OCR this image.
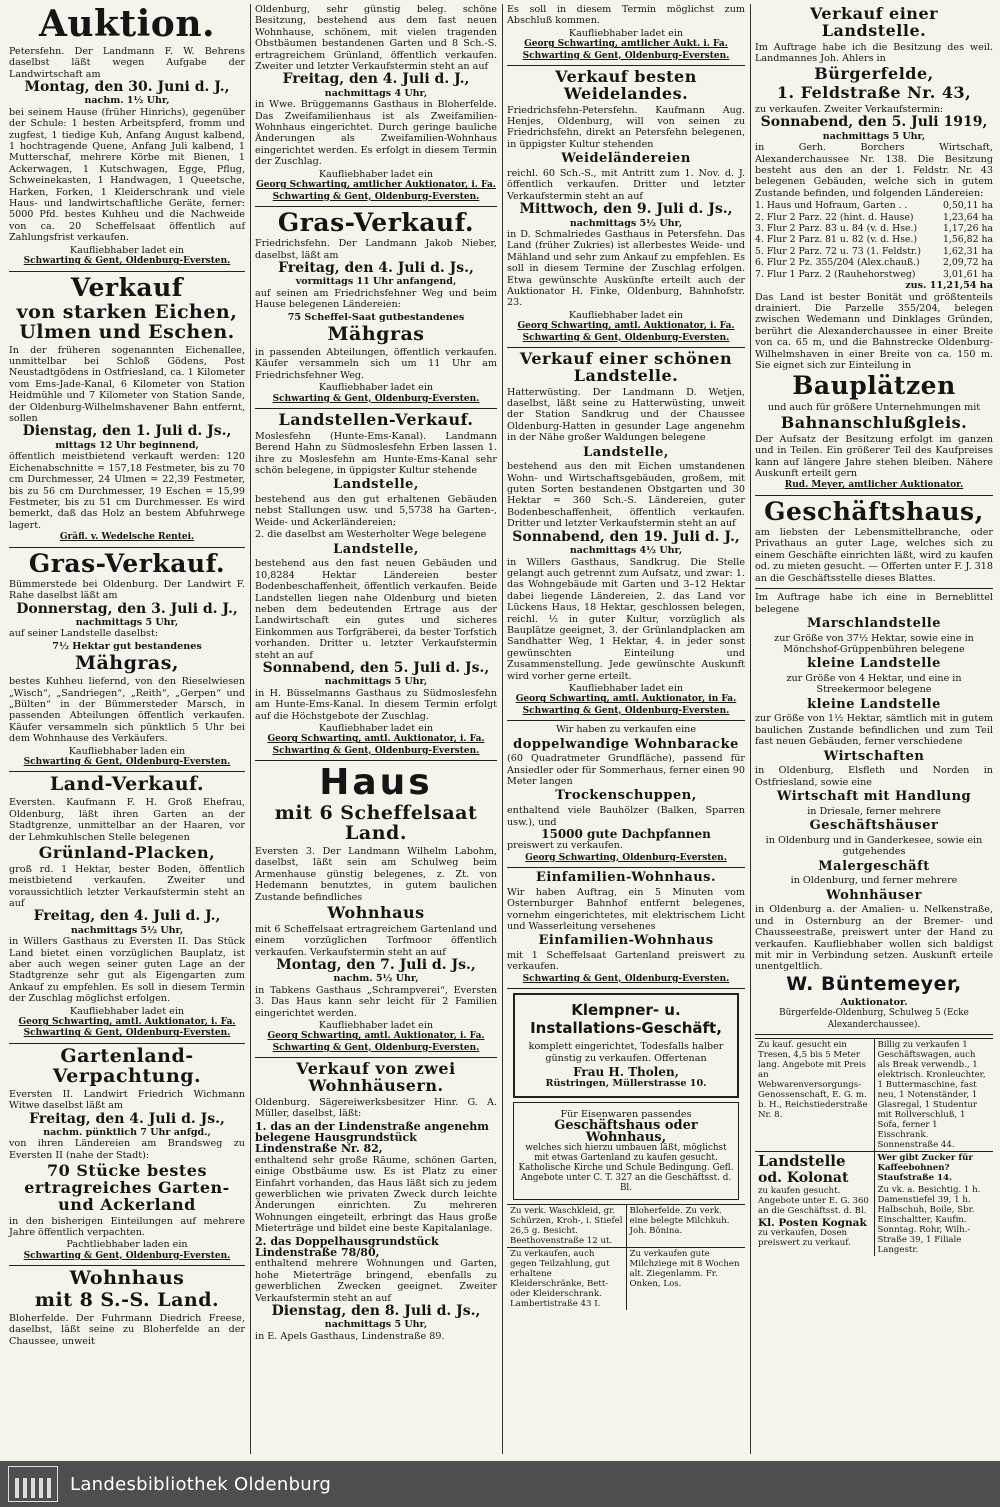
Auktion.

Petersfehn. Der Landmann F. W. Behrens daselbst läßt wegen Aufgabe der Landwirtschaft am

Montag, den 30. Juni d. J.,
nachm. 1½ Uhr,

bei seinem Hause (früher Hinrichs), gegenüber der Schule: 1 besten Arbeitspferd, fromm und zugfest, 1 tiedige Kuh, Anfang August kalbend, 1 hochtragende Quene, Anfang Juli kalbend, 1 Mutterschaf, mehrere Körbe mit Bienen, 1 Ackerwagen, 1 Kutschwagen, Egge, Pflug, Schweinekasten, 1 Handwagen, 1 Queetsche, Harken, Forken, 1 Kleiderschrank und viele Haus- und landwirtschaftliche Geräte, ferner: 5000 Pfd. bestes Kuhheu und die Nachweide von ca. 20 Scheffelsaat öffentlich auf Zahlungsfrist verkaufen.

Kaufliebhaber ladet ein
Schwarting & Gent, Oldenburg-Eversten.
Verkauf
von starken Eichen, Ulmen und Eschen.

In der früheren sogenannten Eichenallee, unmittelbar bei Schloß Gödens, Post Neustadtgödens in Ostfriesland, ca. 1 Kilometer vom Ems-Jade-Kanal, 6 Kilometer von Station Heidmühle und 7 Kilometer von Station Sande, der Oldenburg-Wilhelmshavener Bahn entfernt, sollen

Dienstag, den 1. Juli d. Js.,
mittags 12 Uhr beginnend,

öffentlich meistbietend verkauft werden: 120 Eichenabschnitte = 157,18 Festmeter, bis zu 70 cm Durchmesser, 24 Ulmen = 22,39 Festmeter, bis zu 56 cm Durchmesser, 19 Eschen = 15,99 Festmeter, bis zu 51 cm Durchmesser. Es wird bemerkt, daß das Holz an bestem Abfuhrwege lagert.

Gräfl. v. Wedelsche Rentei.
Gras-Verkauf.

Bümmerstede bei Oldenburg. Der Landwirt F. Rahe daselbst läßt am

Donnerstag, den 3. Juli d. J.,
nachmittags 5 Uhr,

auf seiner Landstelle daselbst:

7½ Hektar gut bestandenes
Mähgras,

bestes Kuhheu liefernd, von den Rieselwiesen „Wisch“, „Sandriegen“, „Reith“, „Gerpen“ und „Bülten“ in der Bümmersteder Marsch, in passenden Abteilungen öffentlich verkaufen. Käufer versammeln sich pünktlich 5 Uhr bei dem Wohnhause des Verkäufers.

Kaufliebhaber laden ein
Schwarting & Gent, Oldenburg-Eversten.
Land-Verkauf.

Eversten. Kaufmann F. H. Groß Ehefrau, Oldenburg, läßt ihren Garten an der Stadtgrenze, unmittelbar an der Haaren, vor der Lehmkuhlschen Stelle belegenen

Grünland-Placken,

groß rd. 1 Hektar, bester Boden, öffentlich meistbietend verkaufen. Zweiter und voraussichtlich letzter Verkaufstermin steht an auf

Freitag, den 4. Juli d. J.,
nachmittags 5½ Uhr,

in Willers Gasthaus zu Eversten II. Das Stück Land bietet einen vorzüglichen Bauplatz, ist aber auch wegen seiner guten Lage an der Stadtgrenze sehr gut als Eigengarten zum Ankauf zu empfehlen. Es soll in diesem Termin der Zuschlag möglichst erfolgen.

Kaufliebhaber ladet ein
Georg Schwarting, amtl. Auktionator, i. Fa. Schwarting & Gent, Oldenburg-Eversten.
Gartenland-Verpachtung.

Eversten II. Landwirt Friedrich Wichmann Witwe daselbst läßt am

Freitag, den 4. Juli d. Js.,
nachm. pünktlich 7 Uhr anfgd.,

von ihren Ländereien am Brandsweg zu Eversten II (nahe der Stadt):

70 Stücke bestes ertragreiches Garten- und Ackerland

in den bisherigen Einteilungen auf mehrere Jahre öffentlich verpachten.

Pachtliebhaber laden ein
Schwarting & Gent, Oldenburg-Eversten.
Wohnhaus
mit 8 S.-S. Land.

Bloherfelde. Der Fuhrmann Diedrich Freese, daselbst, läßt seine zu Bloherfelde an der Chaussee, unweit

Oldenburg, sehr günstig beleg. schöne Besitzung, bestehend aus dem fast neuen Wohnhause, schönem, mit vielen tragenden Obstbäumen bestandenen Garten und 8 Sch.-S. ertragreichem Grünland, öffentlich verkaufen. Zweiter und letzter Verkaufstermin steht an auf

Freitag, den 4. Juli d. J.,
nachmittags 4 Uhr,

in Wwe. Brüggemanns Gasthaus in Bloherfelde. Das Zweifamilienhaus ist als Zweifamilien-Wohnhaus eingerichtet. Durch geringe bauliche Änderungen als Zweifamilien-Wohnhaus eingerichtet werden. Es erfolgt in diesem Termin der Zuschlag.

Kaufliebhaber ladet ein
Georg Schwarting, amtlicher Auktionator, i. Fa. Schwarting & Gent, Oldenburg-Eversten.
Gras-Verkauf.

Friedrichsfehn. Der Landmann Jakob Nieber, daselbst, läßt am

Freitag, den 4. Juli d. Js.,
vormittags 11 Uhr anfangend,

auf seinen am Friedrichsfehner Weg und beim Hause belegenen Ländereien:

75 Scheffel-Saat gutbestandenes
Mähgras

in passenden Abteilungen, öffentlich verkaufen. Käufer versammeln sich um 11 Uhr am Friedrichsfehner Weg.

Kaufliebhaber ladet ein
Schwarting & Gent, Oldenburg-Eversten.
Landstellen-Verkauf.

Moslesfehn (Hunte-Ems-Kanal). Landmann Berend Hahn zu Südmoslesfehn Erben lassen 1. ihre zu Moslesfehn am Hunte-Ems-Kanal sehr schön belegene, in üppigster Kultur stehende

Landstelle,

bestehend aus den gut erhaltenen Gebäuden nebst Stallungen usw. und 5,5738 ha Garten-, Weide- und Ackerländereien;

2. die daselbst am Westerholter Wege belegene

Landstelle,

bestehend aus den fast neuen Gebäuden und 10,8284 Hektar Ländereien bester Bodenbeschaffenheit, öffentlich verkaufen. Beide Landstellen liegen nahe Oldenburg und bieten neben dem bedeutenden Ertrage aus der Landwirtschaft ein gutes und sicheres Einkommen aus Torfgräberei, da bester Torfstich vorhanden. Dritter u. letzter Verkaufstermin steht an auf

Sonnabend, den 5. Juli d. Js.,
nachmittags 5 Uhr,

in H. Büsselmanns Gasthaus zu Südmoslesfehn am Hunte-Ems-Kanal. In diesem Termin erfolgt auf die Höchstgebote der Zuschlag.

Kaufliebhaber ladet ein
Georg Schwarting, amtl. Auktionator, i. Fa. Schwarting & Gent, Oldenburg-Eversten.
Haus
mit 6 Scheffelsaat Land.

Eversten 3. Der Landmann Wilhelm Labohm, daselbst, läßt sein am Schulweg beim Armenhause günstig belegenes, z. Zt. von Hedemann benutztes, in gutem baulichen Zustande befindliches

Wohnhaus

mit 6 Scheffelsaat ertragreichem Gartenland und einem vorzüglichen Torfmoor öffentlich verkaufen. Verkaufstermin steht an auf

Montag, den 7. Juli d. Js.,
nachm. 5½ Uhr,

in Tabkens Gasthaus „Schrampverei“, Eversten 3. Das Haus kann sehr leicht für 2 Familien eingerichtet werden.

Kaufliebhaber ladet ein
Georg Schwarting, amtl. Auktionator, i. Fa. Schwarting & Gent, Oldenburg-Eversten.
Verkauf von zwei Wohnhäusern.

Oldenburg. Sägereiwerksbesitzer Hinr. G. A. Müller, daselbst, läßt:

1. das an der Lindenstraße angenehm belegene Hausgrundstück Lindenstraße Nr. 82,

enthaltend sehr große Räume, schönen Garten, einige Obstbäume usw. Es ist Platz zu einer Einfahrt vorhanden, das Haus läßt sich zu jedem gewerblichen wie privaten Zweck durch leichte Änderungen einrichten. Zu mehreren Wohnungen eingeteilt, erbringt das Haus große Mieterträge und bildet eine beste Kapitalanlage.

2. das Doppelhausgrundstück Lindenstraße 78/80,

enthaltend mehrere Wohnungen und Garten, hohe Mieterträge bringend, ebenfalls zu gewerblichen Zwecken geeignet. Zweiter Verkaufstermin steht an auf

Dienstag, den 8. Juli d. Js.,
nachmittags 5 Uhr,

in E. Apels Gasthaus, Lindenstraße 89.

Es soll in diesem Termin möglichst zum Abschluß kommen.

Kaufliebhaber ladet ein
Georg Schwarting, amtlicher Aukt. i. Fa. Schwarting & Gent, Oldenburg-Eversten.
Verkauf besten Weidelandes.

Friedrichsfehn-Petersfehn. Kaufmann Aug. Henjes, Oldenburg, will von seinen zu Friedrichsfehn, direkt an Petersfehn belegenen, in üppigster Kultur stehenden

Weideländereien

reichl. 60 Sch.-S., mit Antritt zum 1. Nov. d. J. öffentlich verkaufen. Dritter und letzter Verkaufstermin steht an auf

Mittwoch, den 9. Juli d. Js.,
nachmittags 5½ Uhr,

in D. Schmalriedes Gasthaus in Petersfehn. Das Land (früher Zukries) ist allerbestes Weide- und Mähland und sehr zum Ankauf zu empfehlen. Es soll in diesem Termine der Zuschlag erfolgen. Etwa gewünschte Auskünfte erteilt auch der Auktionator H. Finke, Oldenburg, Bahnhofstr. 23.

Kaufliebhaber ladet ein
Georg Schwarting, amtl. Auktionator, i. Fa. Schwarting & Gent, Oldenburg-Eversten.
Verkauf einer schönen Landstelle.

Hatterwüsting. Der Landmann D. Wetjen, daselbst, läßt seine zu Hatterwüsting, unweit der Station Sandkrug und der Chaussee Oldenburg-Hatten in gesunder Lage angenehm in der Nähe großer Waldungen belegene

Landstelle,

bestehend aus den mit Eichen umstandenen Wohn- und Wirtschaftsgebäuden, großem, mit guten Sorten bestandenen Obstgarten und 30 Hektar = 360 Sch.-S. Ländereien, guter Bodenbeschaffenheit, öffentlich verkaufen. Dritter und letzter Verkaufstermin steht an auf

Sonnabend, den 19. Juli d. J.,
nachmittags 4½ Uhr,

in Willers Gasthaus, Sandkrug. Die Stelle gelangt auch getrennt zum Aufsatz, und zwar: 1. das Wohngebäude mit Garten und 3–12 Hektar dabei liegende Ländereien, 2. das Land vor Lückens Haus, 18 Hektar, geschlossen belegen, reichl. ½ in guter Kultur, vorzüglich als Bauplätze geeignet, 3. der Grünlandplacken am Sandhatter Weg, 1 Hektar, 4. in jeder sonst gewünschten Einteilung und Zusammenstellung. Jede gewünschte Auskunft wird vorher gerne erteilt.

Kaufliebhaber ladet ein
Georg Schwarting, amtl. Auktionator, in Fa. Schwarting & Gent, Oldenburg-Eversten.
Wir haben zu verkaufen eine
doppelwandige Wohnbaracke

(60 Quadratmeter Grundfläche), passend für Ansiedler oder für Sommerhaus, ferner einen 90 Meter langen

Trockenschuppen,

enthaltend viele Bauhölzer (Balken, Sparren usw.), und

15000 gute Dachpfannen

preiswert zu verkaufen.

Georg Schwarting, Oldenburg-Eversten.
Einfamilien-Wohnhaus.

Wir haben Auftrag, ein 5 Minuten vom Osternburger Bahnhof entfernt belegenes, vornehm eingerichtetes, mit elektrischem Licht und Wasserleitung versehenes

Einfamilien-Wohnhaus

mit 1 Scheffelsaat Gartenland preiswert zu verkaufen.

Schwarting & Gent, Oldenburg-Eversten.
Klempner- u. Installations-Geschäft,
komplett eingerichtet, Todesfalls halber günstig zu verkaufen. Offertenan
Frau H. Tholen,
Rüstringen, Müllerstrasse 10.
Für Eisenwaren passendes
Geschäftshaus oder Wohnhaus,
welches sich hierzu umbauen läßt, möglichst mit etwas Gartenland zu kaufen gesucht. Katholische Kirche und Schule Bedingung. Gefl. Angebote unter C. T. 327 an die Geschäftsst. d. Bl.
Zu verk. Waschkleid, gr. Schürzen, Kroh-, i. Stiefel 26,5 g. Besicht. Beethovenstraße 12 ut.
Bloherfelde. Zu verk. eine belegte Milchkuh. Joh. Bönina.
Zu verkaufen, auch gegen Teilzahlung, gut erhaltene Kleiderschränke, Bett- oder Kleiderschrank. Lambertistraße 43 I.
Zu verkaufen gute Milchziege mit 8 Wochen alt. Ziegenlamm. Fr. Onken, Los.
Verkauf einer Landstelle.

Im Auftrage habe ich die Besitzung des weil. Landmannes Joh. Ahlers in

Bürgerfelde,
1. Feldstraße Nr. 43,

zu verkaufen. Zweiter Verkaufstermin:

Sonnabend, den 5. Juli 1919,
nachmittags 5 Uhr,

in Gerh. Borchers Wirtschaft, Alexanderchaussee Nr. 138. Die Besitzung besteht aus den an der 1. Feldstr. Nr. 43 belegenen Gebäuden, welche sich in gutem Zustande befinden, und folgenden Ländereien:

1. Haus und Hofraum, Garten . .	0,50,11 ha
2. Flur 2 Parz. 22 (hint. d. Hause)	1,23,64 ha
3. Flur 2 Parz. 83 u. 84 (v. d. Hse.)	1,17,26 ha
4. Flur 2 Parz. 81 u. 82 (v. d. Hse.)	1,56,82 ha
5. Flur 2 Parz. 72 u. 73 (1. Feldstr.)	1,62,31 ha
6. Flur 2 Pz. 355/204 (Alex.chauß.)	2,09,72 ha
7. Flur 1 Parz. 2 (Rauhehorstweg)	3,01,61 ha
zus. 11,21,54 ha

Das Land ist bester Bonität und größtenteils drainiert. Die Parzelle 355/204, belegen zwischen Wedemann und Dinklages Gründen, berührt die Alexanderchaussee in einer Breite von ca. 65 m, und die Bahnstrecke Oldenburg-Wilhelmshaven in einer Breite von ca. 150 m. Sie eignet sich zur Einteilung in

Bauplätzen

und auch für größere Unternehmungen mit

Bahnanschlußgleis.

Der Aufsatz der Besitzung erfolgt im ganzen und in Teilen. Ein größerer Teil des Kaufpreises kann auf längere Jahre stehen bleiben. Nähere Auskunft erteilt gern

Rud. Meyer, amtlicher Auktionator.
Geschäftshaus,

am liebsten der Lebensmittelbranche, oder Privathaus an guter Lage, welches sich zu einem Geschäfte einrichten läßt, wird zu kaufen od. zu mieten gesucht. — Offerten unter F. J. 318 an die Geschäftsstelle dieses Blattes.

Im Auftrage habe ich eine in Berneblittel belegene

Marschlandstelle

zur Größe von 37½ Hektar, sowie eine in Mönchshof-Grüppenbühren belegene

kleine Landstelle

zur Größe von 4 Hektar, und eine in Streekermoor belegene

kleine Landstelle

zur Größe von 1½ Hektar, sämtlich mit in gutem baulichen Zustande befindlichen und zum Teil fast neuen Gebäuden, ferner verschiedene

Wirtschaften

in Oldenburg, Elsfleth und Norden in Ostfriesland, sowie eine

Wirtschaft mit Handlung

in Driesale, ferner mehrere

Geschäftshäuser

in Oldenburg und in Ganderkesee, sowie ein gutgehendes

Malergeschäft

in Oldenburg, und ferner mehrere

Wohnhäuser

in Oldenburg a. der Amalien- u. Nelkenstraße, und in Osternburg an der Bremer- und Chausseestraße, preiswert unter der Hand zu verkaufen. Kaufliebhaber wollen sich baldigst mit mir in Verbindung setzen. Auskunft erteile unentgeltlich.

W. Büntemeyer,
Auktionator.
Bürgerfelde-Oldenburg, Schulweg 5 (Ecke Alexanderchaussee).
Zu kauf. gesucht ein Tresen, 4,5 bis 5 Meter lang. Angebote mit Preis an Webwarenversorgungs-Genossenschaft, E. G. m. b. H., Reichstiederstraße Nr. 8.
Billig zu verkaufen 1 Geschäftswagen, auch als Break verwendb., 1 elektrisch. Kronleuchter, 1 Buttermaschine, fast neu, 1 Notenständer, 1 Glasregal, 1 Studentur mit Rollverschluß, 1 Sofa, ferner 1 Eisschrank. Sonnenstraße 44.
Landstelle
od. Kolonat
zu kaufen gesucht. Angebote unter E. G. 360 an die Geschäftsst. d. Bl.
Kl. Posten Kognak
zu verkaufen, Dosen preiswert zu verkauf.
Wer gibt Zucker für Kaffeebohnen? Staufstraße 14.
Zu vk. a. Besichtig. 1 h. Damenstiefel 39, 1 h. Halbschuh, Boile, Sbr. Einschaltter, Kaufm. Sonntag. Rohr, Wilh.-Straße 39, 1 Filiale Langestr.
Landesbibliothek Oldenburg
